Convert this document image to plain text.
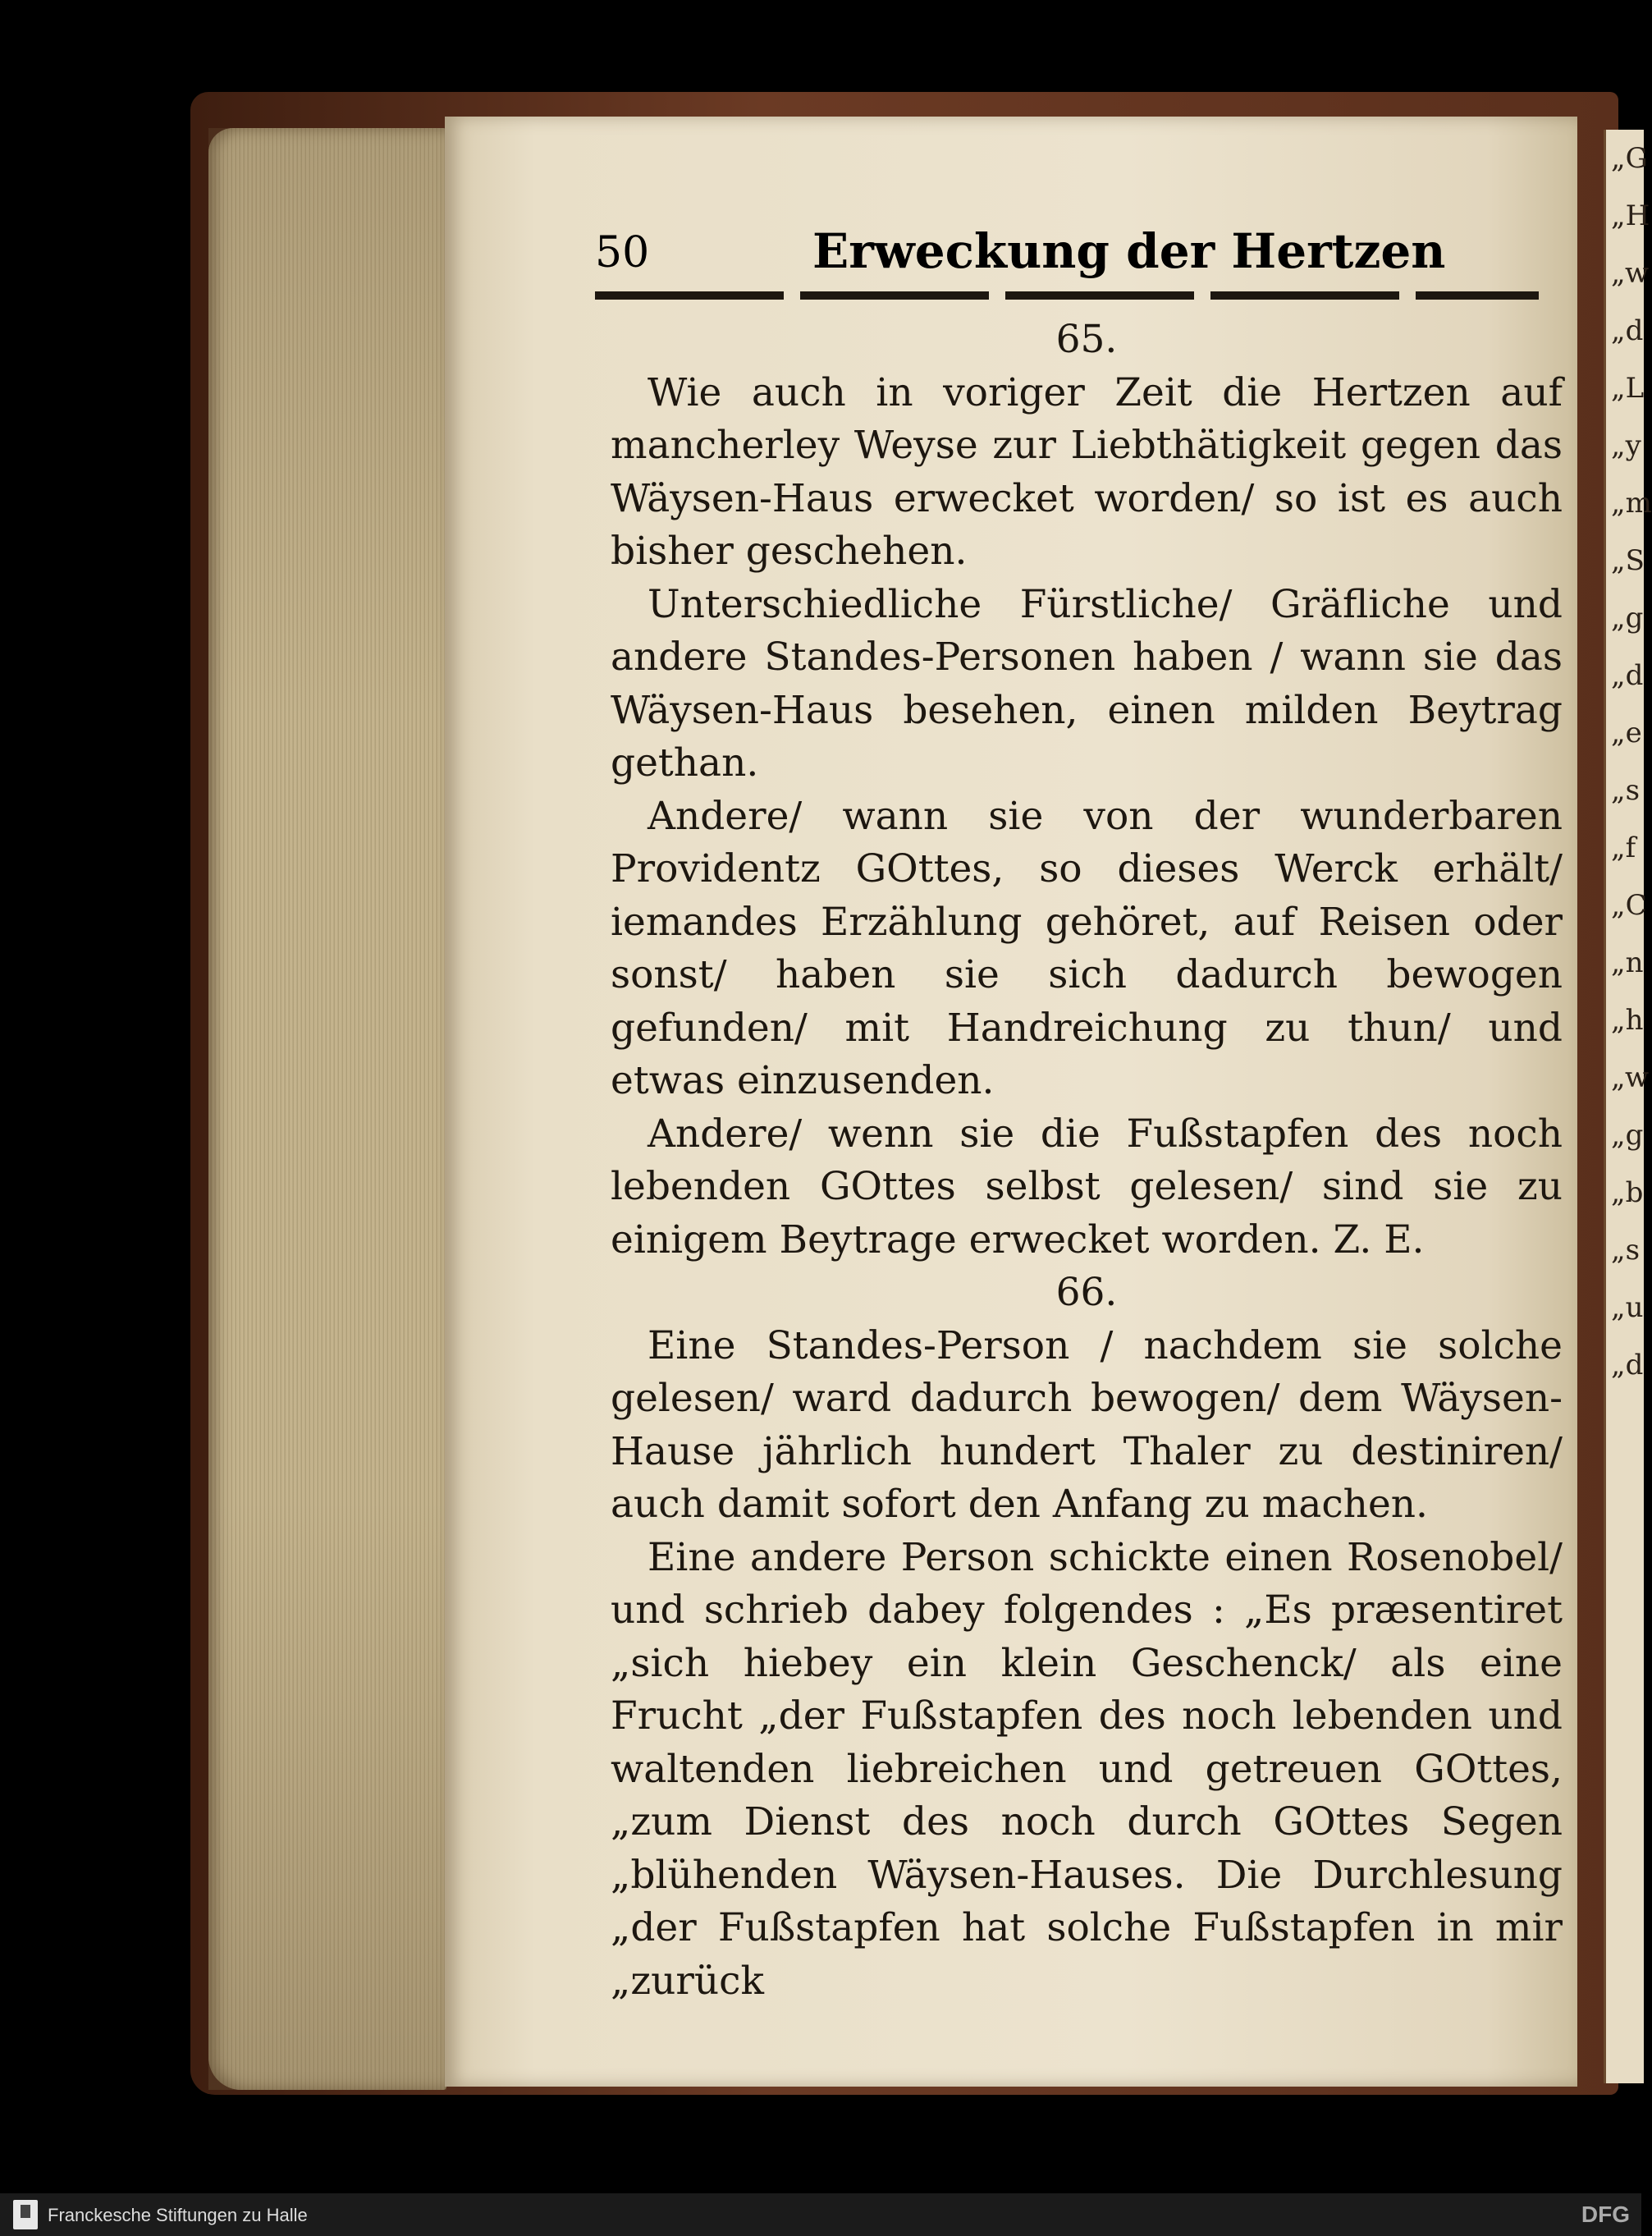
„G
„H
„w
„d
„L
„y
„m
„S
„g
„d
„e
„s
„f
„C
„n
„h
„w
„g
„b
„s
„u
„d
50	Erweckung der Hertzen

65.

Wie auch in voriger Zeit die Hertzen auf mancherley Weyse zur Liebthätigkeit gegen das Wäysen-Haus erwecket worden/ so ist es auch bisher geschehen.

Unterschiedliche Fürstliche/ Gräfliche und andere Standes-Personen haben / wann sie das Wäysen-Haus besehen, einen milden Beytrag gethan.

Andere/ wann sie von der wunderbaren Providentz GOttes, so dieses Werck erhält/ iemandes Erzählung gehöret, auf Reisen oder sonst/ haben sie sich dadurch bewogen gefunden/ mit Handreichung zu thun/ und etwas einzusenden.

Andere/ wenn sie die Fußstapfen des noch lebenden GOttes selbst gelesen/ sind sie zu einigem Beytrage erwecket worden. Z. E.

66.

Eine Standes-Person / nachdem sie solche gelesen/ ward dadurch bewogen/ dem Wäysen-Hause jährlich hundert Thaler zu destiniren/ auch damit sofort den Anfang zu machen.

Eine andere Person schickte einen Rosenobel/ und schrieb dabey folgendes : „Es præsentiret „sich hiebey ein klein Geschenck/ als eine Frucht „der Fußstapfen des noch lebenden und waltenden liebreichen und getreuen GOttes, „zum Dienst des noch durch GOttes Segen „blühenden Wäysen-Hauses. Die Durchlesung „der Fußstapfen hat solche Fußstapfen in mir „zurück

Franckesche Stiftungen zu Halle	DFG
